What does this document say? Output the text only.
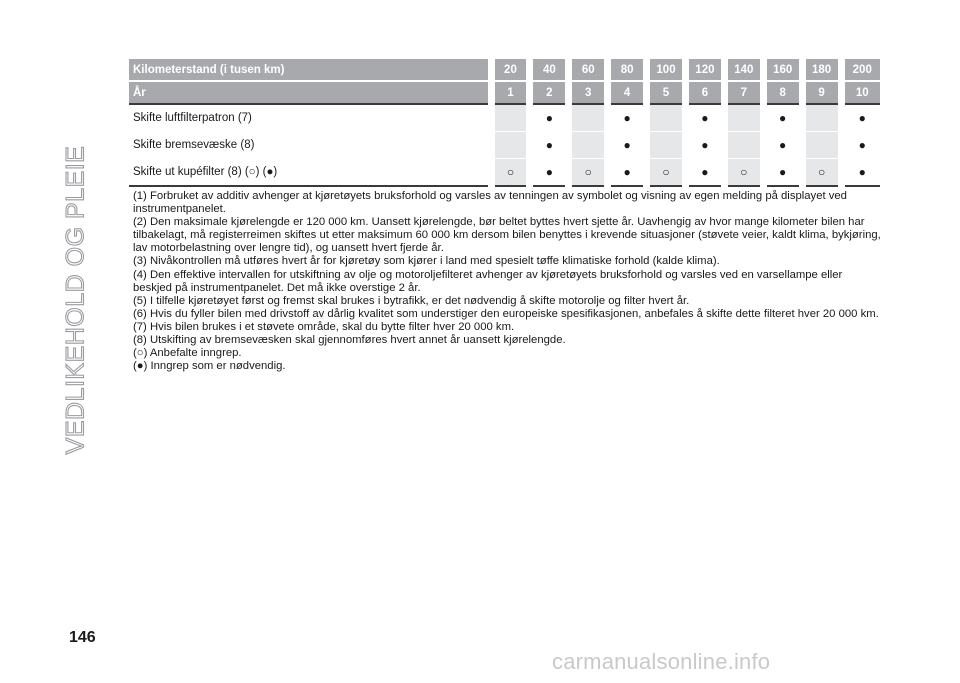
VEDLIKEHOLD OG PLEIE
Kilometerstand (i tusen km)	20	40	60	80	100	120	140	160	180	200
År	1	2	3	4	5	6	7	8	9	10
Skifte luftfilterpatron (7)		●		●		●		●		●
Skifte bremsevæske (8)		●		●		●		●		●
Skifte ut kupéfilter (8) (○) (●)	○	●	○	●	○	●	○	●	○	●

(1) Forbruket av additiv avhenger at kjøretøyets bruksforhold og varsles av tenningen av symbolet og visning av egen melding på displayet ved instrumentpanelet.

(2) Den maksimale kjørelengde er 120 000 km. Uansett kjørelengde, bør beltet byttes hvert sjette år. Uavhengig av hvor mange kilometer bilen har tilbakelagt, må registerreimen skiftes ut etter maksimum 60 000 km dersom bilen benyttes i krevende situasjoner (støvete veier, kaldt klima, bykjøring, lav motorbelastning over lengre tid), og uansett hvert fjerde år.

(3) Nivåkontrollen må utføres hvert år for kjøretøy som kjører i land med spesielt tøffe klimatiske forhold (kalde klima).

(4) Den effektive intervallen for utskiftning av olje og motoroljefilteret avhenger av kjøretøyets bruksforhold og varsles ved en varsellampe eller beskjed på instrumentpanelet. Det må ikke overstige 2 år.

(5) I tilfelle kjøretøyet først og fremst skal brukes i bytrafikk, er det nødvendig å skifte motorolje og filter hvert år.

(6) Hvis du fyller bilen med drivstoff av dårlig kvalitet som understiger den europeiske spesifikasjonen, anbefales å skifte dette filteret hver 20 000 km.

(7) Hvis bilen brukes i et støvete område, skal du bytte filter hver 20 000 km.

(8) Utskifting av bremsevæsken skal gjennomføres hvert annet år uansett kjørelengde.

(○) Anbefalte inngrep.

(●) Inngrep som er nødvendig.

146
carmanualsonline.info
